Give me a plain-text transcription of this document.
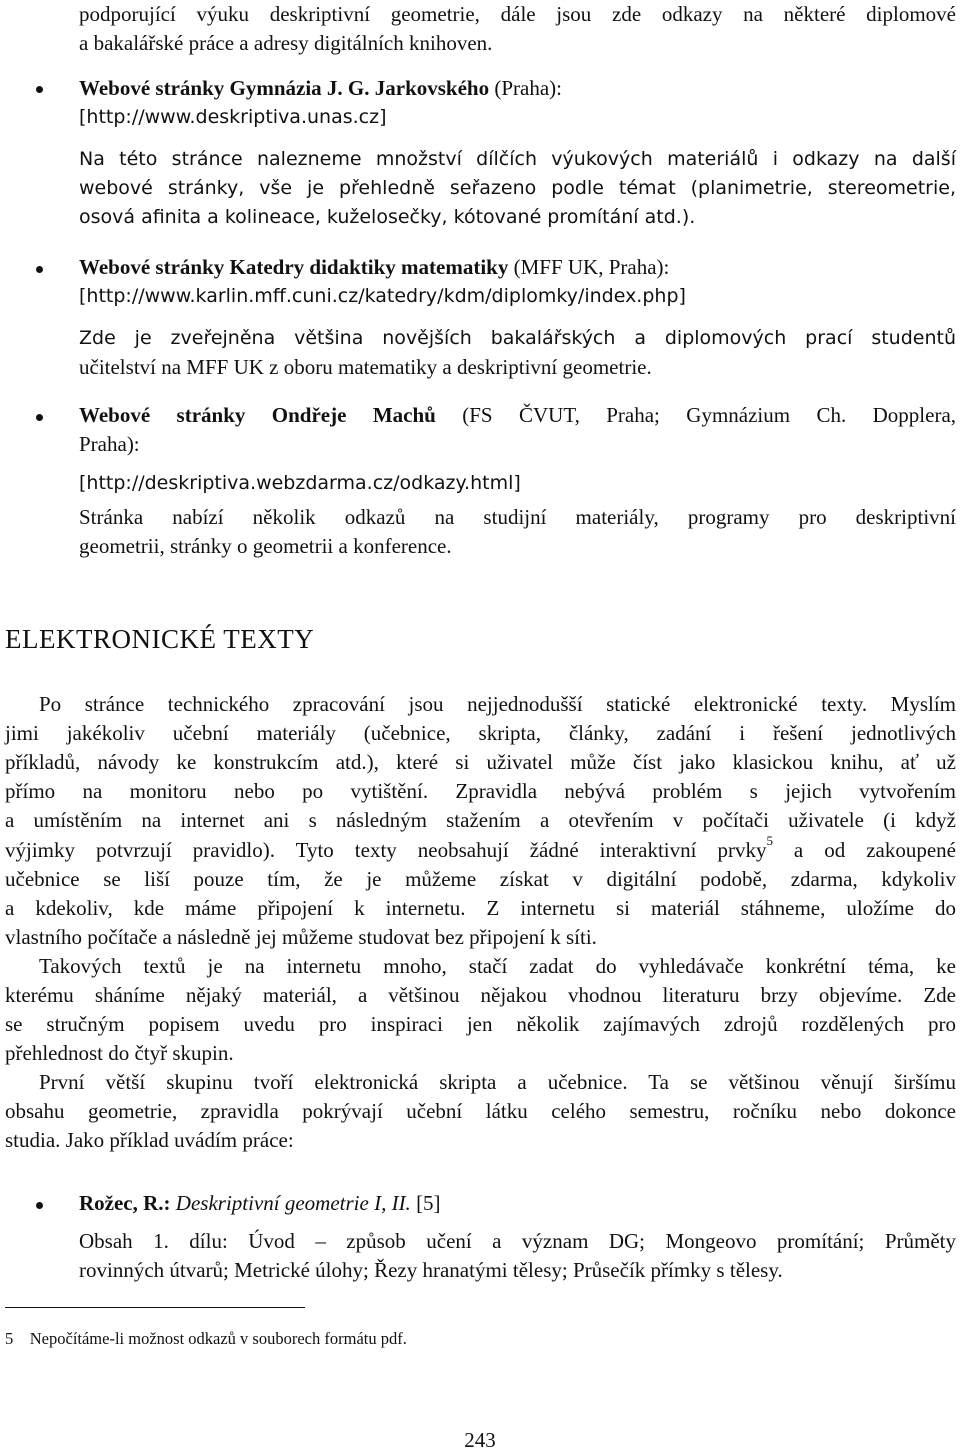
podporující výuku deskriptivní geometrie, dále jsou zde odkazy na některé diplomové

a bakalářské práce a adresy digitálních knihoven.

Webové stránky Gymnázia J. G. Jarkovského (Praha):

[http://www.deskriptiva.unas.cz]

Na této stránce nalezneme množství dílčích výukových materiálů i odkazy na další

webové stránky, vše je přehledně seřazeno podle témat (planimetrie, stereometrie,

osová afinita a kolineace, kuželosečky, kótované promítání atd.).

Webové stránky Katedry didaktiky matematiky (MFF UK, Praha):

[http://www.karlin.mff.cuni.cz/katedry/kdm/diplomky/index.php]

Zde je zveřejněna většina novějších bakalářských a diplomových prací studentů

učitelství na MFF UK z oboru matematiky a deskriptivní geometrie.

Webové stránky Ondřeje Machů (FS ČVUT, Praha; Gymnázium Ch. Dopplera,

Praha):

[http://deskriptiva.webzdarma.cz/odkazy.html]

Stránka nabízí několik odkazů na studijní materiály, programy pro deskriptivní

geometrii, stránky o geometrii a konference.

ELEKTRONICKÉ TEXTY

Po stránce technického zpracování jsou nejjednodušší statické elektronické texty. Myslím

jimi jakékoliv učební materiály (učebnice, skripta, články, zadání i řešení jednotlivých

příkladů, návody ke konstrukcím atd.), které si uživatel může číst jako klasickou knihu, ať už

přímo na monitoru nebo po vytištění. Zpravidla nebývá problém s jejich vytvořením

a umístěním na internet ani s následným stažením a otevřením v počítači uživatele (i když

výjimky potvrzují pravidlo). Tyto texty neobsahují žádné interaktivní prvky$^5$ a od zakoupené

učebnice se liší pouze tím, že je můžeme získat v digitální podobě, zdarma, kdykoliv

a kdekoliv, kde máme připojení k internetu. Z internetu si materiál stáhneme, uložíme do

vlastního počítače a následně jej můžeme studovat bez připojení k síti.

Takových textů je na internetu mnoho, stačí zadat do vyhledávače konkrétní téma, ke

kterému sháníme nějaký materiál, a většinou nějakou vhodnou literaturu brzy objevíme. Zde

se stručným popisem uvedu pro inspiraci jen několik zajímavých zdrojů rozdělených pro

přehlednost do čtyř skupin.

První větší skupinu tvoří elektronická skripta a učebnice. Ta se většinou věnují širšímu

obsahu geometrie, zpravidla pokrývají učební látku celého semestru, ročníku nebo dokonce

studia. Jako příklad uvádím práce:

Rožec, R.: Deskriptivní geometrie I, II. [5]

Obsah 1. dílu: Úvod – způsob učení a význam DG; Mongeovo promítání; Průměty

rovinných útvarů; Metrické úlohy; Řezy hranatými tělesy; Průsečík přímky s tělesy.

5 Nepočítáme-li možnost odkazů v souborech formátu pdf.

243
